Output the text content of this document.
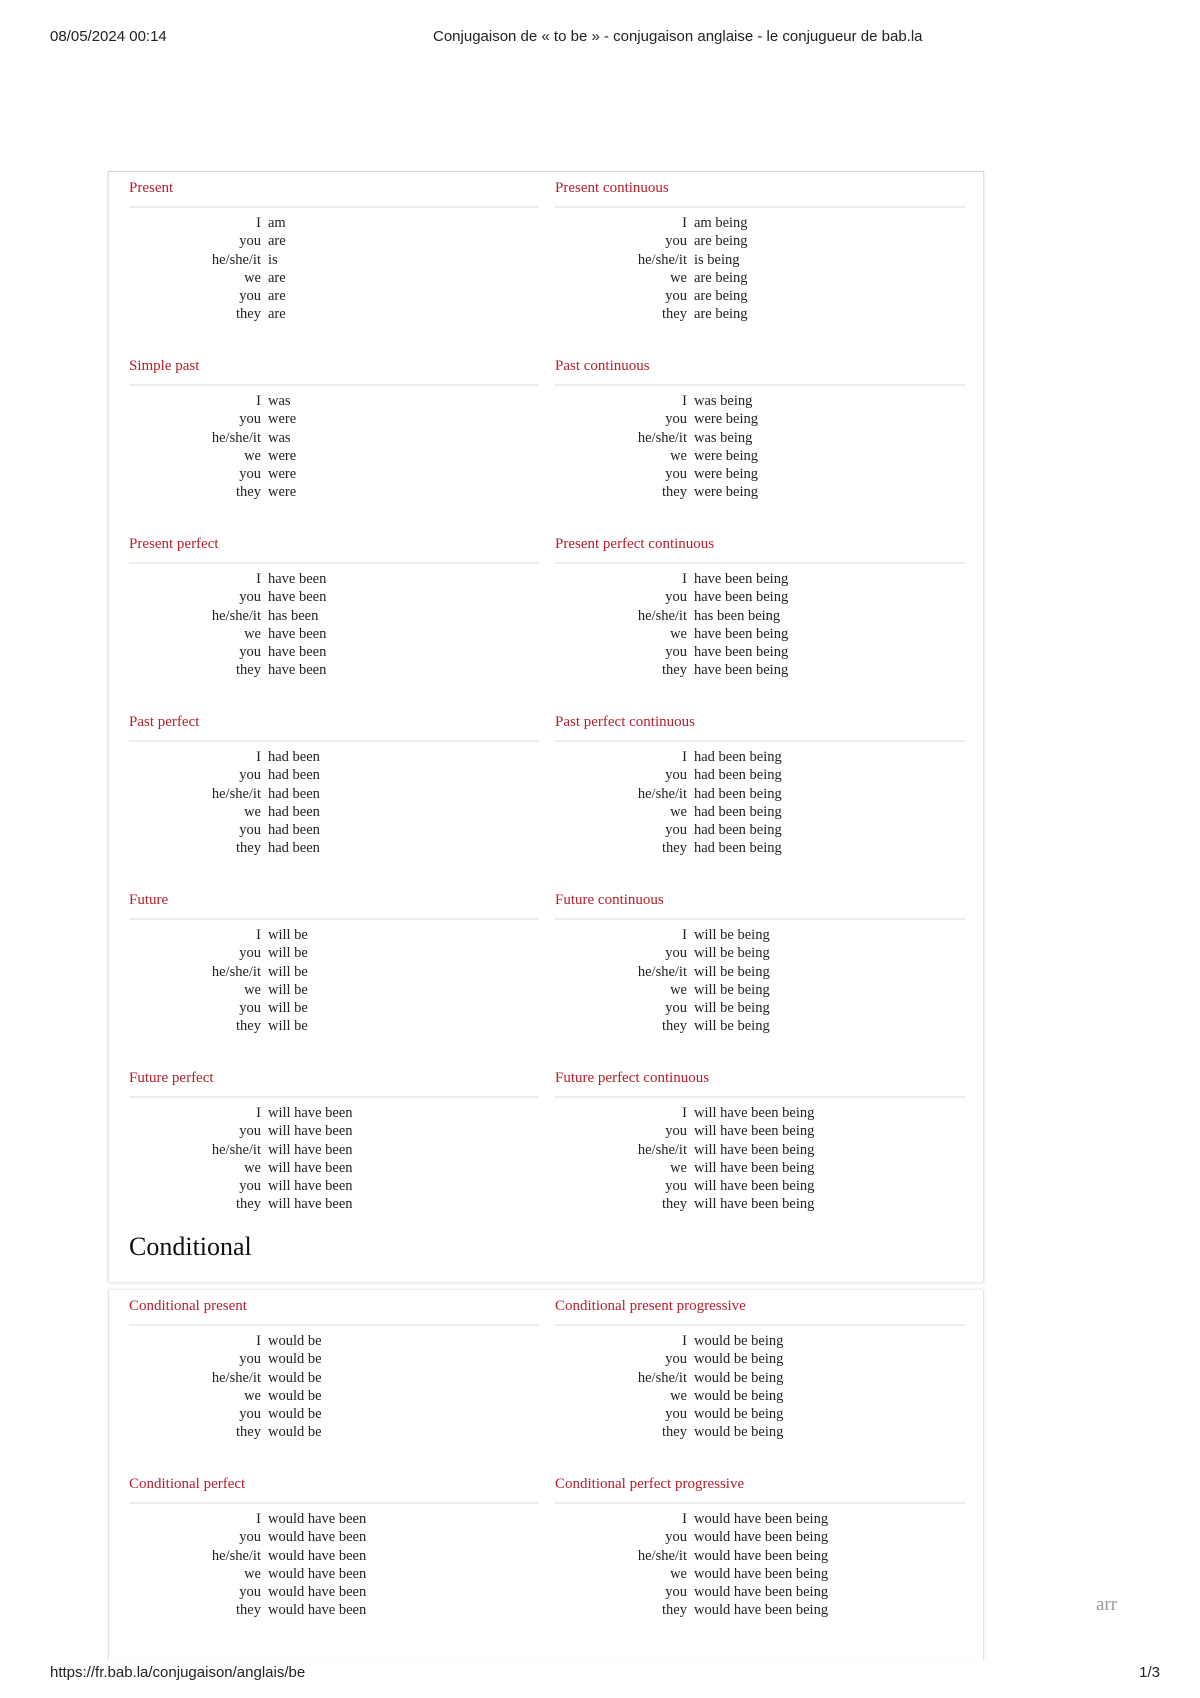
08/05/2024 00:14	Conjugaison de « to be » - conjugaison anglaise - le conjugueur de bab.la
Present
I am
you are
he/she/it is
we are
you are
they are
Present continuous
I am being
you are being
he/she/it is being
we are being
you are being
they are being
Simple past
I was
you were
he/she/it was
we were
you were
they were
Past continuous
I was being
you were being
he/she/it was being
we were being
you were being
they were being
Present perfect
I have been
you have been
he/she/it has been
we have been
you have been
they have been
Present perfect continuous
I have been being
you have been being
he/she/it has been being
we have been being
you have been being
they have been being
Past perfect
I had been
you had been
he/she/it had been
we had been
you had been
they had been
Past perfect continuous
I had been being
you had been being
he/she/it had been being
we had been being
you had been being
they had been being
Future
I will be
you will be
he/she/it will be
we will be
you will be
they will be
Future continuous
I will be being
you will be being
he/she/it will be being
we will be being
you will be being
they will be being
Future perfect
I will have been
you will have been
he/she/it will have been
we will have been
you will have been
they will have been
Future perfect continuous
I will have been being
you will have been being
he/she/it will have been being
we will have been being
you will have been being
they will have been being
Conditional
Conditional present
I would be
you would be
he/she/it would be
we would be
you would be
they would be
Conditional present progressive
I would be being
you would be being
he/she/it would be being
we would be being
you would be being
they would be being
Conditional perfect
I would have been
you would have been
he/she/it would have been
we would have been
you would have been
they would have been
Conditional perfect progressive
I would have been being
you would have been being
he/she/it would have been being
we would have been being
you would have been being
they would have been being	arr
https://fr.bab.la/conjugaison/anglais/be	1/3
